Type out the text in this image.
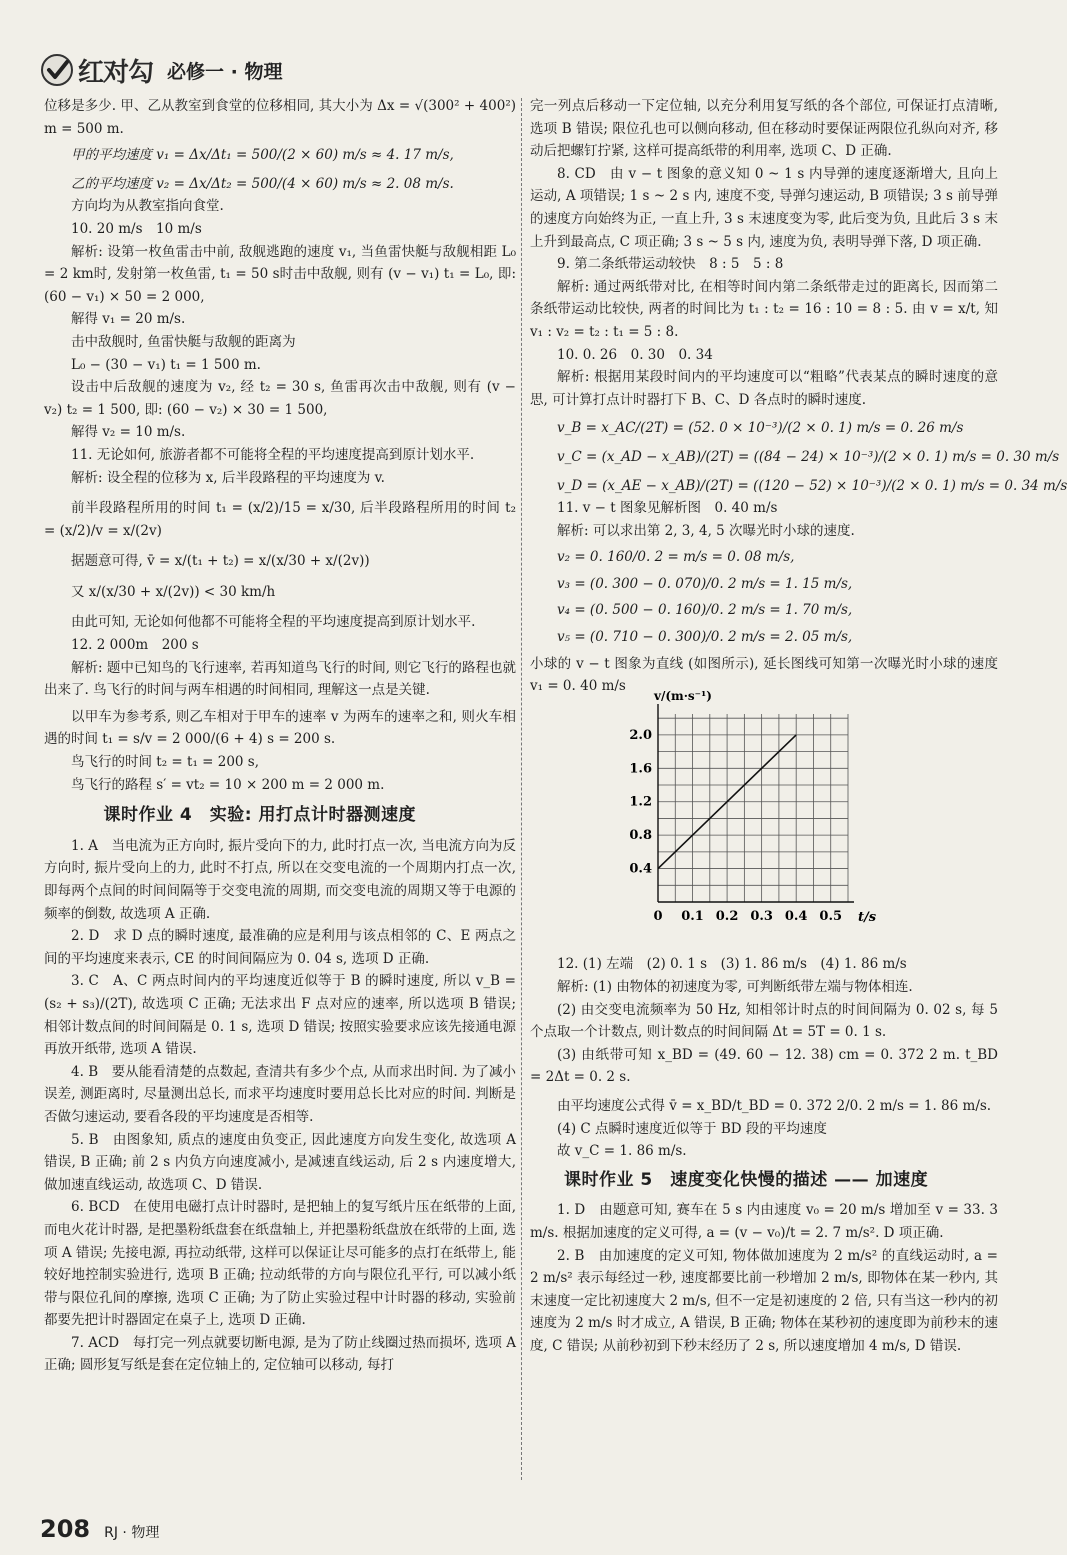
红对勾 必修一 · 物理

位移是多少. 甲、乙从教室到食堂的位移相同, 其大小为 Δx = √(300² + 400²) m = 500 m.

甲的平均速度 v₁ = Δx/Δt₁ = 500/(2 × 60) m/s ≈ 4. 17 m/s,

乙的平均速度 v₂ = Δx/Δt₂ = 500/(4 × 60) m/s ≈ 2. 08 m/s.

方向均为从教室指向食堂.

10. 20 m/s　10 m/s

解析: 设第一枚鱼雷击中前, 敌舰逃跑的速度 v₁, 当鱼雷快艇与敌舰相距 L₀ = 2 km时, 发射第一枚鱼雷, t₁ = 50 s时击中敌舰, 则有 (v − v₁) t₁ = L₀, 即: (60 − v₁) × 50 = 2 000,

解得 v₁ = 20 m/s.

击中敌舰时, 鱼雷快艇与敌舰的距离为

L₀ − (30 − v₁) t₁ = 1 500 m.

设击中后敌舰的速度为 v₂, 经 t₂ = 30 s, 鱼雷再次击中敌舰, 则有 (v − v₂) t₂ = 1 500, 即: (60 − v₂) × 30 = 1 500,

解得 v₂ = 10 m/s.

11. 无论如何, 旅游者都不可能将全程的平均速度提高到原计划水平.

解析: 设全程的位移为 x, 后半段路程的平均速度为 v.

前半段路程所用的时间 t₁ = (x/2)/15 = x/30, 后半段路程所用的时间 t₂ = (x/2)/v = x/(2v)

据题意可得, v̄ = x/(t₁ + t₂) = x/(x/30 + x/(2v))

又 x/(x/30 + x/(2v)) < 30 km/h

由此可知, 无论如何他都不可能将全程的平均速度提高到原计划水平.

12. 2 000m　200 s

解析: 题中已知鸟的飞行速率, 若再知道鸟飞行的时间, 则它飞行的路程也就出来了. 鸟飞行的时间与两车相遇的时间相同, 理解这一点是关键.

以甲车为参考系, 则乙车相对于甲车的速率 v 为两车的速率之和, 则火车相遇的时间 t₁ = s/v = 2 000/(6 + 4) s = 200 s.

鸟飞行的时间 t₂ = t₁ = 200 s,

鸟飞行的路程 s′ = vt₂ = 10 × 200 m = 2 000 m.

课时作业 4　实验: 用打点计时器测速度

1. A　当电流为正方向时, 振片受向下的力, 此时打点一次, 当电流方向为反方向时, 振片受向上的力, 此时不打点, 所以在交变电流的一个周期内打点一次, 即每两个点间的时间间隔等于交变电流的周期, 而交变电流的周期又等于电源的频率的倒数, 故选项 A 正确.

2. D　求 D 点的瞬时速度, 最准确的应是利用与该点相邻的 C、E 两点之间的平均速度来表示, CE 的时间间隔应为 0. 04 s, 选项 D 正确.

3. C　A、C 两点时间内的平均速度近似等于 B 的瞬时速度, 所以 v_B = (s₂ + s₃)/(2T), 故选项 C 正确; 无法求出 F 点对应的速率, 所以选项 B 错误; 相邻计数点间的时间间隔是 0. 1 s, 选项 D 错误; 按照实验要求应该先接通电源再放开纸带, 选项 A 错误.

4. B　要从能看清楚的点数起, 查清共有多少个点, 从而求出时间. 为了减小误差, 测距离时, 尽量测出总长, 而求平均速度时要用总长比对应的时间. 判断是否做匀速运动, 要看各段的平均速度是否相等.

5. B　由图象知, 质点的速度由负变正, 因此速度方向发生变化, 故选项 A 错误, B 正确; 前 2 s 内负方向速度减小, 是减速直线运动, 后 2 s 内速度增大, 做加速直线运动, 故选项 C、D 错误.

6. BCD　在使用电磁打点计时器时, 是把轴上的复写纸片压在纸带的上面, 而电火花计时器, 是把墨粉纸盘套在纸盘轴上, 并把墨粉纸盘放在纸带的上面, 选项 A 错误; 先接电源, 再拉动纸带, 这样可以保证让尽可能多的点打在纸带上, 能较好地控制实验进行, 选项 B 正确; 拉动纸带的方向与限位孔平行, 可以减小纸带与限位孔间的摩擦, 选项 C 正确; 为了防止实验过程中计时器的移动, 实验前都要先把计时器固定在桌子上, 选项 D 正确.

7. ACD　每打完一列点就要切断电源, 是为了防止线圈过热而损坏, 选项 A 正确; 圆形复写纸是套在定位轴上的, 定位轴可以移动, 每打

完一列点后移动一下定位轴, 以充分利用复写纸的各个部位, 可保证打点清晰, 选项 B 错误; 限位孔也可以侧向移动, 但在移动时要保证两限位孔纵向对齐, 移动后把螺钉拧紧, 这样可提高纸带的利用率, 选项 C、D 正确.

8. CD　由 v − t 图象的意义知 0 ~ 1 s 内导弹的速度逐渐增大, 且向上运动, A 项错误; 1 s ~ 2 s 内, 速度不变, 导弹匀速运动, B 项错误; 3 s 前导弹的速度方向始终为正, 一直上升, 3 s 末速度变为零, 此后变为负, 且此后 3 s 末上升到最高点, C 项正确; 3 s ~ 5 s 内, 速度为负, 表明导弹下落, D 项正确.

9. 第二条纸带运动较快　8 : 5　5 : 8

解析: 通过两纸带对比, 在相等时间内第二条纸带走过的距离长, 因而第二条纸带运动比较快, 两者的时间比为 t₁ : t₂ = 16 : 10 = 8 : 5. 由 v = x/t, 知 v₁ : v₂ = t₂ : t₁ = 5 : 8.

10. 0. 26　0. 30　0. 34

解析: 根据用某段时间内的平均速度可以“粗略”代表某点的瞬时速度的意思, 可计算打点计时器打下 B、C、D 各点时的瞬时速度.

v_B = x_AC/(2T) = (52. 0 × 10⁻³)/(2 × 0. 1) m/s = 0. 26 m/s

v_C = (x_AD − x_AB)/(2T) = ((84 − 24) × 10⁻³)/(2 × 0. 1) m/s = 0. 30 m/s

v_D = (x_AE − x_AB)/(2T) = ((120 − 52) × 10⁻³)/(2 × 0. 1) m/s = 0. 34 m/s

11. v − t 图象见解析图　0. 40 m/s

解析: 可以求出第 2, 3, 4, 5 次曝光时小球的速度.

v₂ = 0. 160/0. 2 = m/s = 0. 08 m/s,

v₃ = (0. 300 − 0. 070)/0. 2 m/s = 1. 15 m/s,

v₄ = (0. 500 − 0. 160)/0. 2 m/s = 1. 70 m/s,

v₅ = (0. 710 − 0. 300)/0. 2 m/s = 2. 05 m/s,

小球的 v − t 图象为直线 (如图所示), 延长图线可知第一次曝光时小球的速度 v₁ = 0. 40 m/s

0 0.1 0.2 0.3 0.4 0.5
0.4
0.8
1.2
1.6
2.0
t/s
v/(m·s⁻¹)

12. (1) 左端　(2) 0. 1 s　(3) 1. 86 m/s　(4) 1. 86 m/s

解析: (1) 由物体的初速度为零, 可判断纸带左端与物体相连.

(2) 由交变电流频率为 50 Hz, 知相邻计时点的时间间隔为 0. 02 s, 每 5 个点取一个计数点, 则计数点的时间间隔 Δt = 5T = 0. 1 s.

(3) 由纸带可知 x_BD = (49. 60 − 12. 38) cm = 0. 372 2 m. t_BD = 2Δt = 0. 2 s.

由平均速度公式得 v̄ = x_BD/t_BD = 0. 372 2/0. 2 m/s = 1. 86 m/s.

(4) C 点瞬时速度近似等于 BD 段的平均速度

故 v_C = 1. 86 m/s.

课时作业 5　速度变化快慢的描述 —— 加速度

1. D　由题意可知, 赛车在 5 s 内由速度 v₀ = 20 m/s 增加至 v = 33. 3 m/s. 根据加速度的定义可得, a = (v − v₀)/t = 2. 7 m/s². D 项正确.

2. B　由加速度的定义可知, 物体做加速度为 2 m/s² 的直线运动时, a = 2 m/s² 表示每经过一秒, 速度都要比前一秒增加 2 m/s, 即物体在某一秒内, 其末速度一定比初速度大 2 m/s, 但不一定是初速度的 2 倍, 只有当这一秒内的初速度为 2 m/s 时才成立, A 错误, B 正确; 物体在某秒初的速度即为前秒末的速度, C 错误; 从前秒初到下秒末经历了 2 s, 所以速度增加 4 m/s, D 错误.

208 RJ · 物理
